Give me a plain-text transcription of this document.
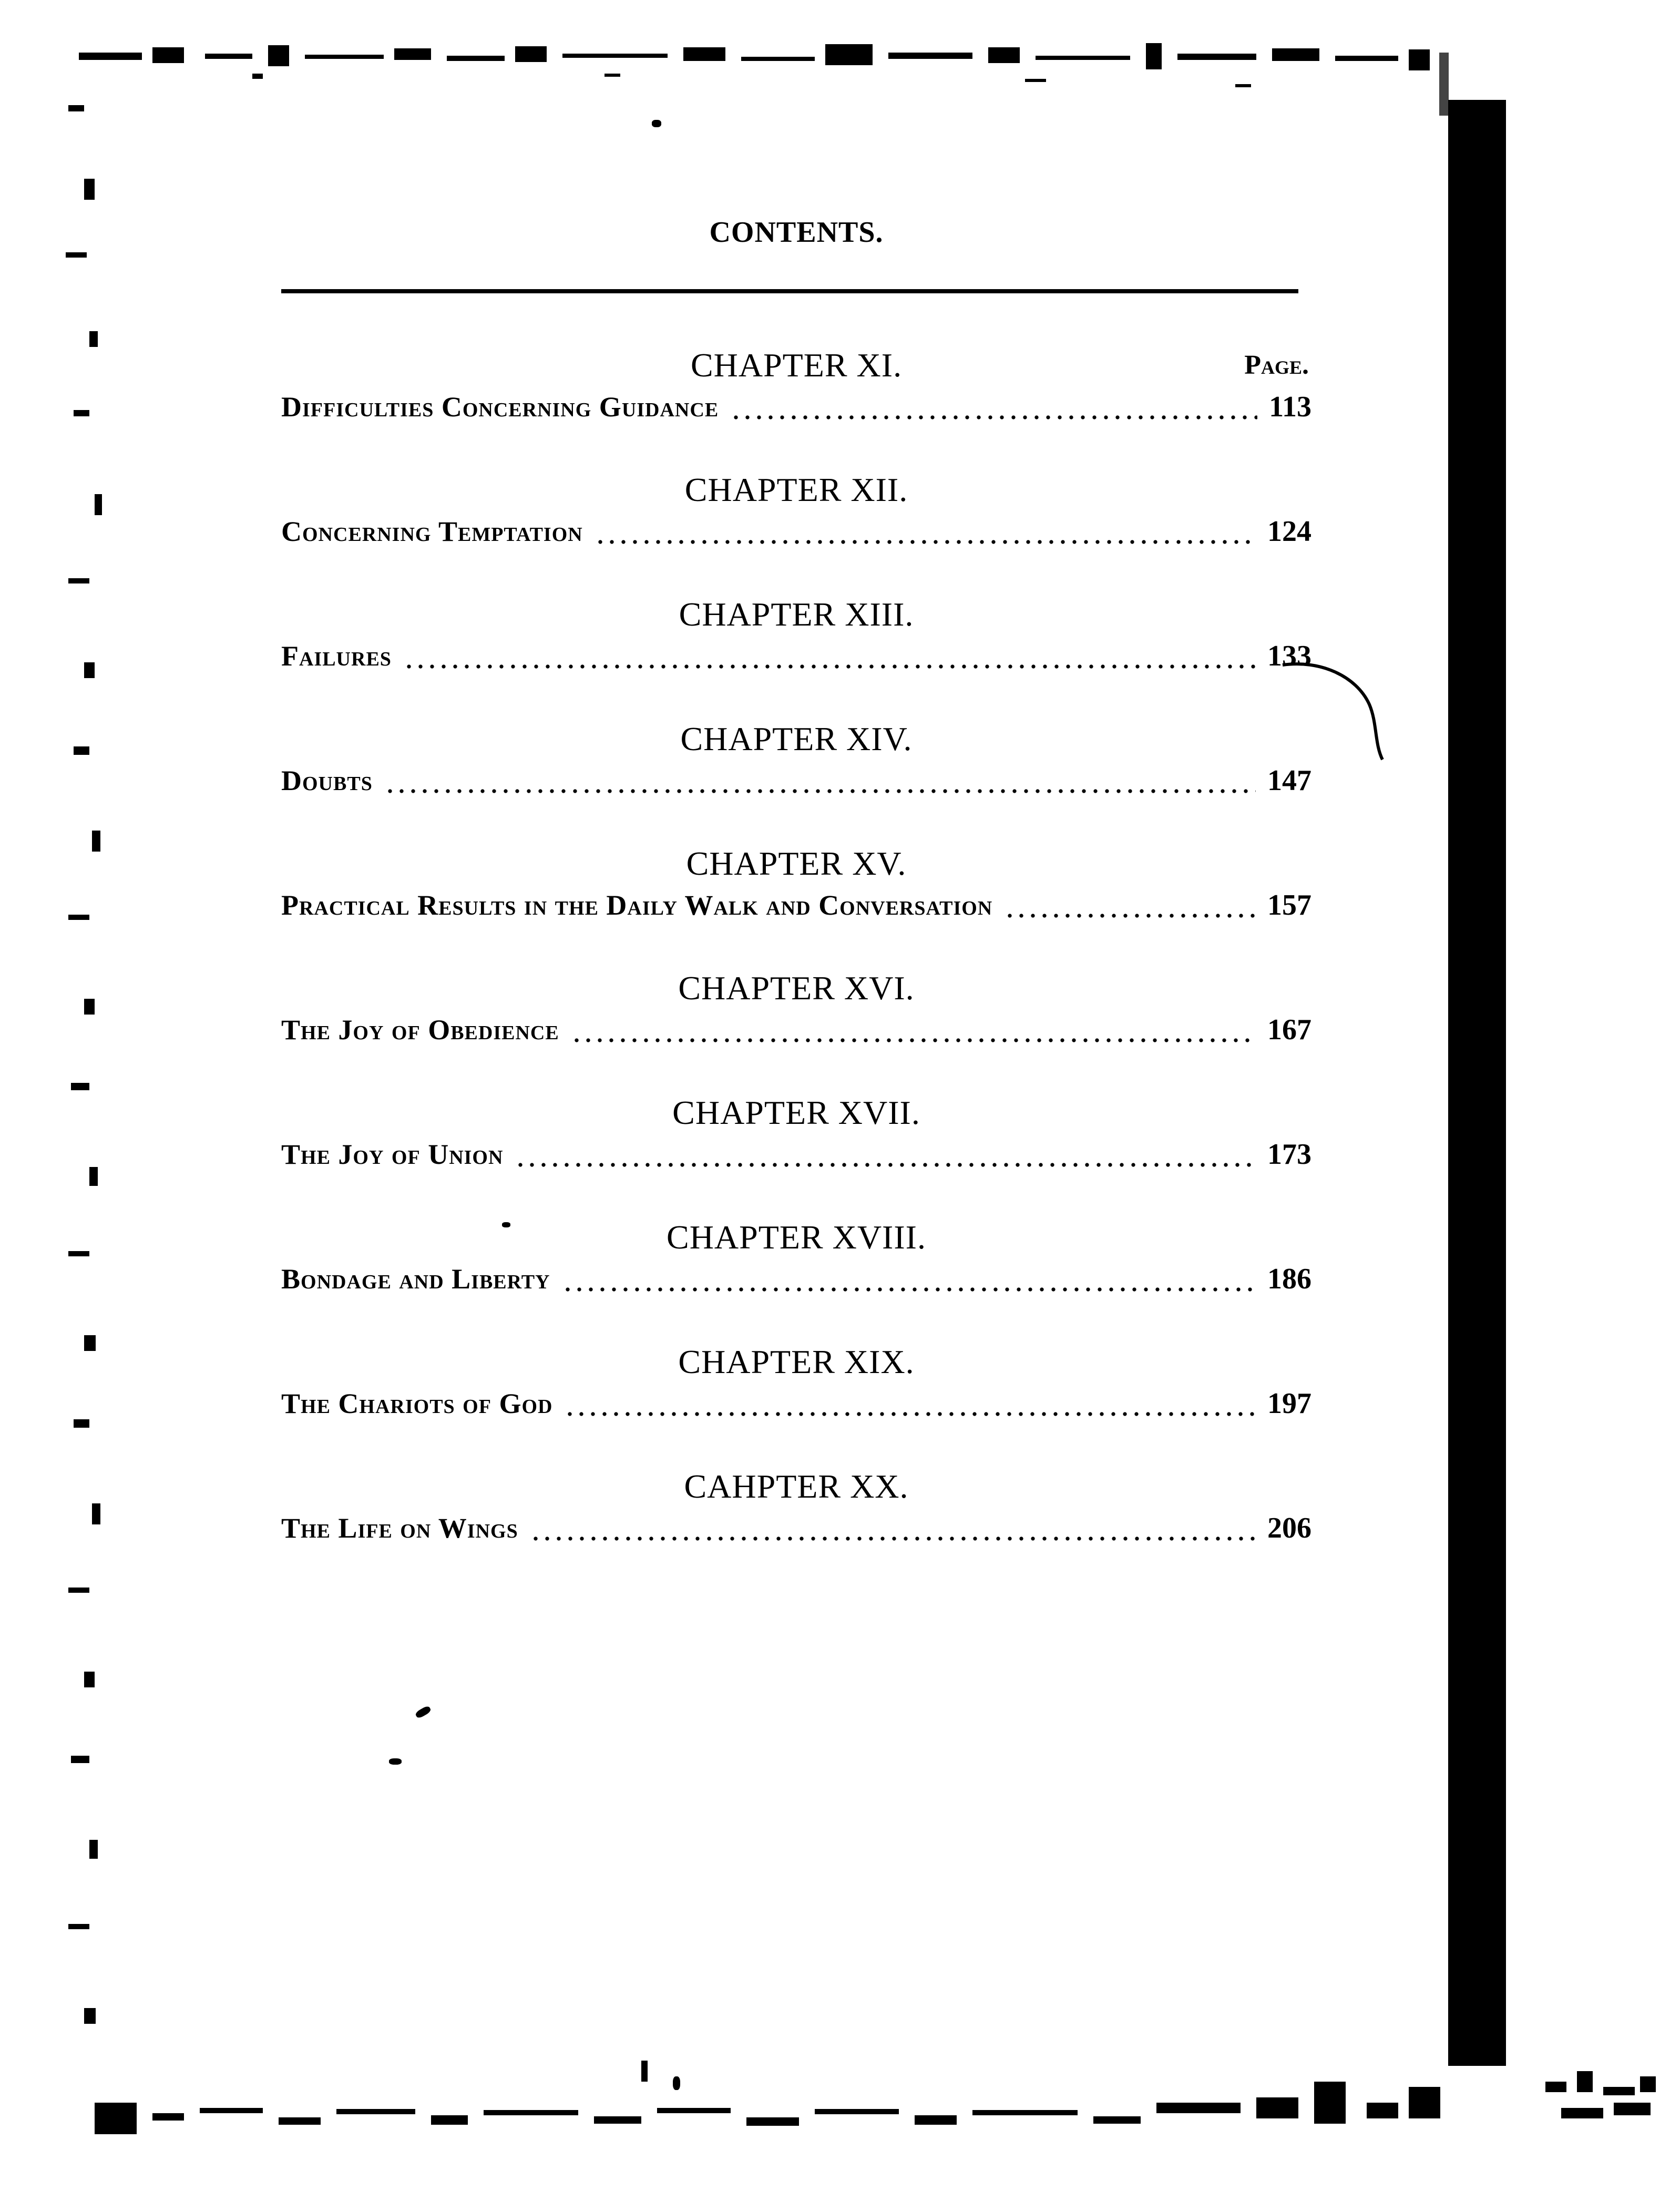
CONTENTS.
Page.
CHAPTER XI.
Difficulties Concerning Guidance	113
CHAPTER XII.
Concerning Temptation	124
CHAPTER XIII.
Failures	133
CHAPTER XIV.
Doubts	147
CHAPTER XV.
Practical Results in the Daily Walk and Conversation	157
CHAPTER XVI.
The Joy of Obedience	167
CHAPTER XVII.
The Joy of Union	173
CHAPTER XVIII.
Bondage and Liberty	186
CHAPTER XIX.
The Chariots of God	197
CAHPTER XX.
The Life on Wings	206
